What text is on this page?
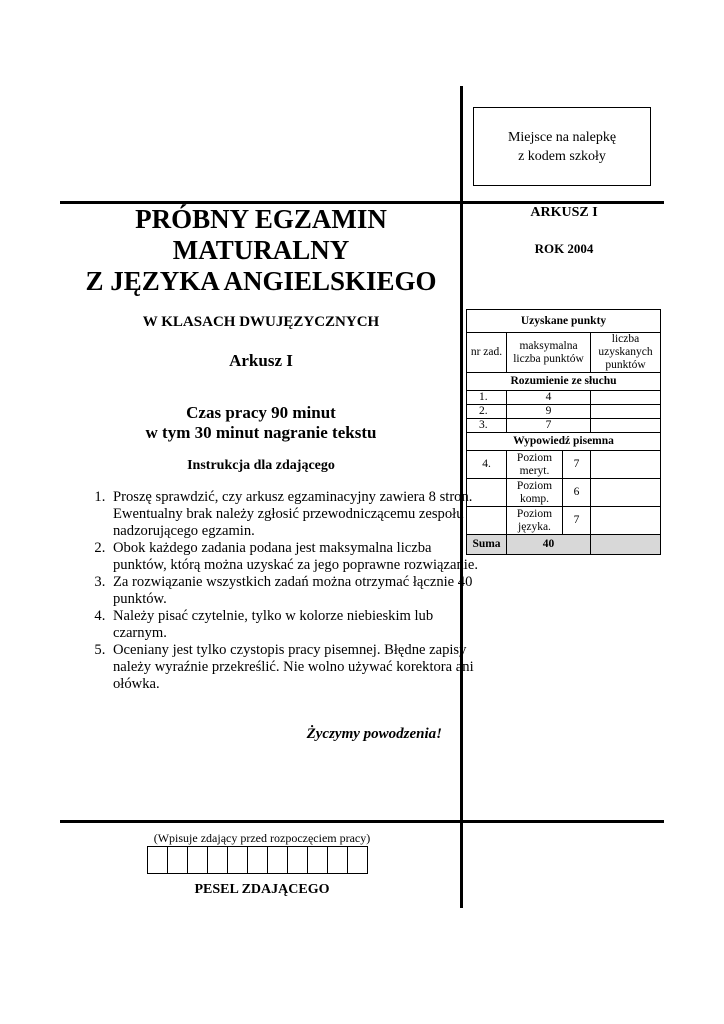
Miejsce na nalepkę
z kodem szkoły
PRÓBNY EGZAMIN
MATURALNY
Z JĘZYKA ANGIELSKIEGO
W KLASACH DWUJĘZYCZNYCH
Arkusz I
Czas pracy 90 minut
w tym 30 minut nagranie tekstu
Instrukcja dla zdającego
1. Proszę sprawdzić, czy arkusz egzaminacyjny zawiera 8 stron. Ewentualny brak należy zgłosić przewodniczącemu zespołu nadzorującego egzamin.
2. Obok każdego zadania podana jest maksymalna liczba punktów, którą można uzyskać za jego poprawne rozwiązanie.
3. Za rozwiązanie wszystkich zadań można otrzymać łącznie 40 punktów.
4. Należy pisać czytelnie, tylko w kolorze niebieskim lub czarnym.
5. Oceniany jest tylko czystopis pracy pisemnej. Błędne zapisy należy wyraźnie przekreślić. Nie wolno używać korektora ani ołówka.
Życzymy powodzenia!
ARKUSZ I
ROK 2004
Uzyskane punkty			
nr zad.	maksymalna liczba punktów		liczba uzyskanych punktów
Rozumienie ze słuchu			
1.	4		
2.	9		
3.	7		
Wypowiedź pisemna			
4.	Poziom meryt.	7	
	Poziom komp.	6	
	Poziom języka.	7	
Suma	40		
(Wpisuje zdający przed rozpoczęciem pracy)
PESEL ZDAJĄCEGO
